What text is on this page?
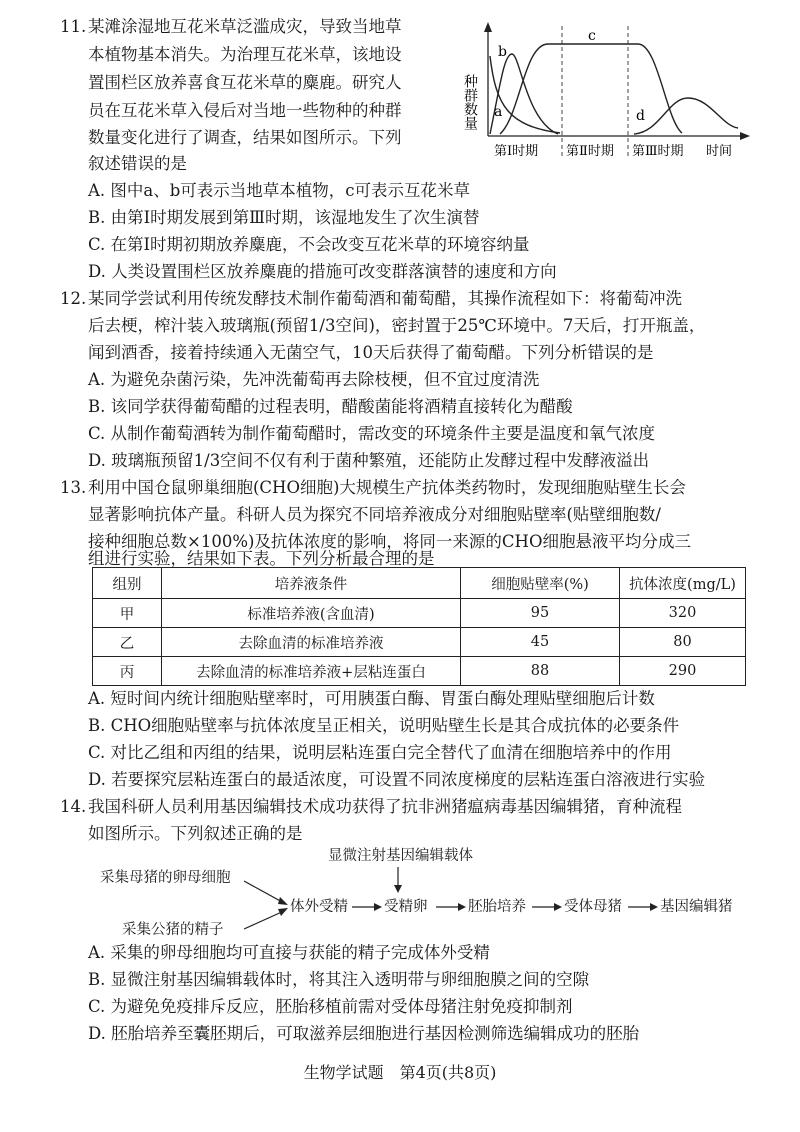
11. 某滩涂湿地互花米草泛滥成灾，导致当地草
本植物基本消失。为治理互花米草，该地设
置围栏区放养喜食互花米草的麋鹿。研究人
员在互花米草入侵后对当地一些物种的种群
数量变化进行了调查，结果如图所示。下列
叙述错误的是
a
b
c
d
种群数量
第Ⅰ时期 第Ⅱ时期 第Ⅲ时期 时间
A. 图中a、b可表示当地草本植物，c可表示互花米草
B. 由第Ⅰ时期发展到第Ⅲ时期，该湿地发生了次生演替
C. 在第Ⅰ时期初期放养麋鹿，不会改变互花米草的环境容纳量
D. 人类设置围栏区放养麋鹿的措施可改变群落演替的速度和方向
12. 某同学尝试利用传统发酵技术制作葡萄酒和葡萄醋，其操作流程如下：将葡萄冲洗
后去梗，榨汁装入玻璃瓶(预留1/3空间)，密封置于25℃环境中。7天后，打开瓶盖，
闻到酒香，接着持续通入无菌空气，10天后获得了葡萄醋。下列分析错误的是
A. 为避免杂菌污染，先冲洗葡萄再去除枝梗，但不宜过度清洗
B. 该同学获得葡萄醋的过程表明，醋酸菌能将酒精直接转化为醋酸
C. 从制作葡萄酒转为制作葡萄醋时，需改变的环境条件主要是温度和氧气浓度
D. 玻璃瓶预留1/3空间不仅有利于菌种繁殖，还能防止发酵过程中发酵液溢出
13. 利用中国仓鼠卵巢细胞(CHO细胞)大规模生产抗体类药物时，发现细胞贴壁生长会
显著影响抗体产量。科研人员为探究不同培养液成分对细胞贴壁率(贴壁细胞数/
接种细胞总数×100%)及抗体浓度的影响，将同一来源的CHO细胞悬液平均分成三
组进行实验，结果如下表。下列分析最合理的是
组别	培养液条件	细胞贴壁率(%)	抗体浓度(mg/L)
甲	标准培养液(含血清)	95	320
乙	去除血清的标准培养液	45	80
丙	去除血清的标准培养液+层粘连蛋白	88	290
A. 短时间内统计细胞贴壁率时，可用胰蛋白酶、胃蛋白酶处理贴壁细胞后计数
B. CHO细胞贴壁率与抗体浓度呈正相关，说明贴壁生长是其合成抗体的必要条件
C. 对比乙组和丙组的结果，说明层粘连蛋白完全替代了血清在细胞培养中的作用
D. 若要探究层粘连蛋白的最适浓度，可设置不同浓度梯度的层粘连蛋白溶液进行实验
14. 我国科研人员利用基因编辑技术成功获得了抗非洲猪瘟病毒基因编辑猪，育种流程
如图所示。下列叙述正确的是
显微注射基因编辑载体
采集母猪的卵母细胞
采集公猪的精子
体外受精 受精卵	胚胎培养	受体母猪	基因编辑猪
A. 采集的卵母细胞均可直接与获能的精子完成体外受精
B. 显微注射基因编辑载体时，将其注入透明带与卵细胞膜之间的空隙
C. 为避免免疫排斥反应，胚胎移植前需对受体母猪注射免疫抑制剂
D. 胚胎培养至囊胚期后，可取滋养层细胞进行基因检测筛选编辑成功的胚胎
生物学试题　第4页(共8页)
